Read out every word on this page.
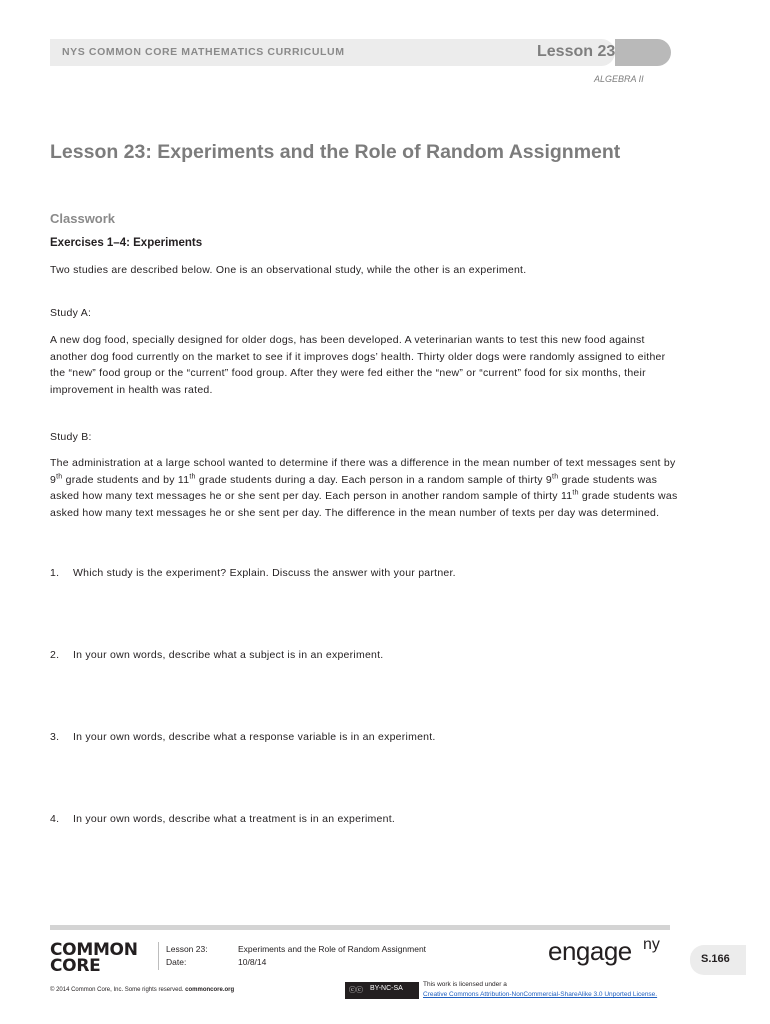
NYS COMMON CORE MATHEMATICS CURRICULUM	Lesson 23
ALGEBRA II
Lesson 23: Experiments and the Role of Random Assignment
Classwork
Exercises 1–4: Experiments

Two studies are described below. One is an observational study, while the other is an experiment.

Study A:

A new dog food, specially designed for older dogs, has been developed. A veterinarian wants to test this new food against another dog food currently on the market to see if it improves dogs’ health. Thirty older dogs were randomly assigned to either the “new” food group or the “current” food group. After they were fed either the “new” or “current” food for six months, their improvement in health was rated.

Study B:

The administration at a large school wanted to determine if there was a difference in the mean number of text messages sent by 9th grade students and by 11th grade students during a day. Each person in a random sample of thirty 9th grade students was asked how many text messages he or she sent per day. Each person in another random sample of thirty 11th grade students was asked how many text messages he or she sent per day. The difference in the mean number of texts per day was determined.

1. Which study is the experiment? Explain. Discuss the answer with your partner.
2. In your own words, describe what a subject is in an experiment.
3. In your own words, describe what a response variable is in an experiment.
4. In your own words, describe what a treatment is in an experiment.
COMMON
CORE
Lesson 23:
Date:
Experiments and the Role of Random Assignment
10/8/14
© 2014 Common Core, Inc. Some rights reserved. commoncore.org	ⓒⓒ BY-NC-SA
This work is licensed under a
Creative Commons Attribution-NonCommercial-ShareAlike 3.0 Unported License.
engage ny
S.166
